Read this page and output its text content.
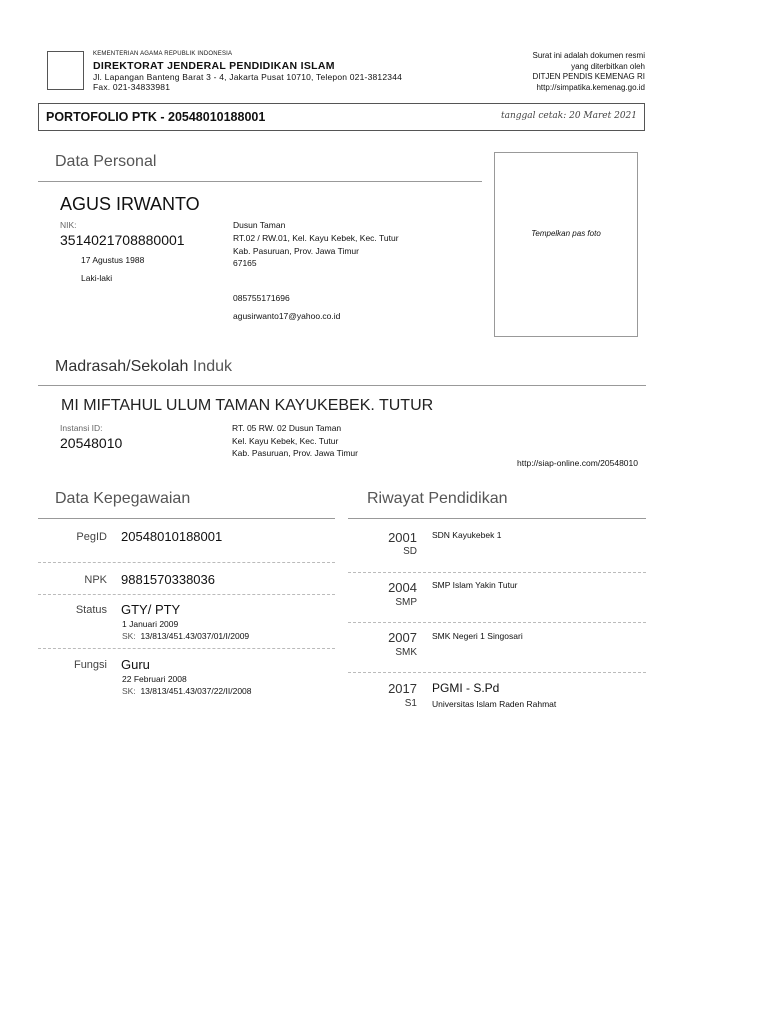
KEMENTERIAN AGAMA REPUBLIK INDONESIA
DIREKTORAT JENDERAL PENDIDIKAN ISLAM
Jl. Lapangan Banteng Barat 3 - 4, Jakarta Pusat 10710, Telepon 021-3812344
Fax. 021-34833981
Surat ini adalah dokumen resmi
yang diterbitkan oleh
DITJEN PENDIS KEMENAG RI
http://simpatika.kemenag.go.id
PORTOFOLIO PTK - 20548010188001	tanggal cetak: 20 Maret 2021
Data Personal
Tempelkan pas foto
AGUS IRWANTO
NIK:
3514021708880001
17 Agustus 1988
Laki-laki
Dusun Taman
RT.02 / RW.01, Kel. Kayu Kebek, Kec. Tutur
Kab. Pasuruan, Prov. Jawa Timur
67165
085755171696
agusirwanto17@yahoo.co.id
Madrasah/Sekolah Induk
MI MIFTAHUL ULUM TAMAN KAYUKEBEK. TUTUR
Instansi ID:
20548010
RT. 05 RW. 02 Dusun Taman
Kel. Kayu Kebek, Kec. Tutur
Kab. Pasuruan, Prov. Jawa Timur
http://siap-online.com/20548010
Data Kepegawaian
PegID 20548010188001
NPK 9881570338036
Status GTY/ PTY
1 Januari 2009
SK: 13/813/451.43/037/01/I/2009
Fungsi Guru
22 Februari 2008
SK: 13/813/451.43/037/22/II/2008
Riwayat Pendidikan
2001
SD
SDN Kayukebek 1
2004
SMP
SMP Islam Yakin Tutur
2007
SMK
SMK Negeri 1 Singosari
2017
S1
PGMI - S.Pd
Universitas Islam Raden Rahmat
